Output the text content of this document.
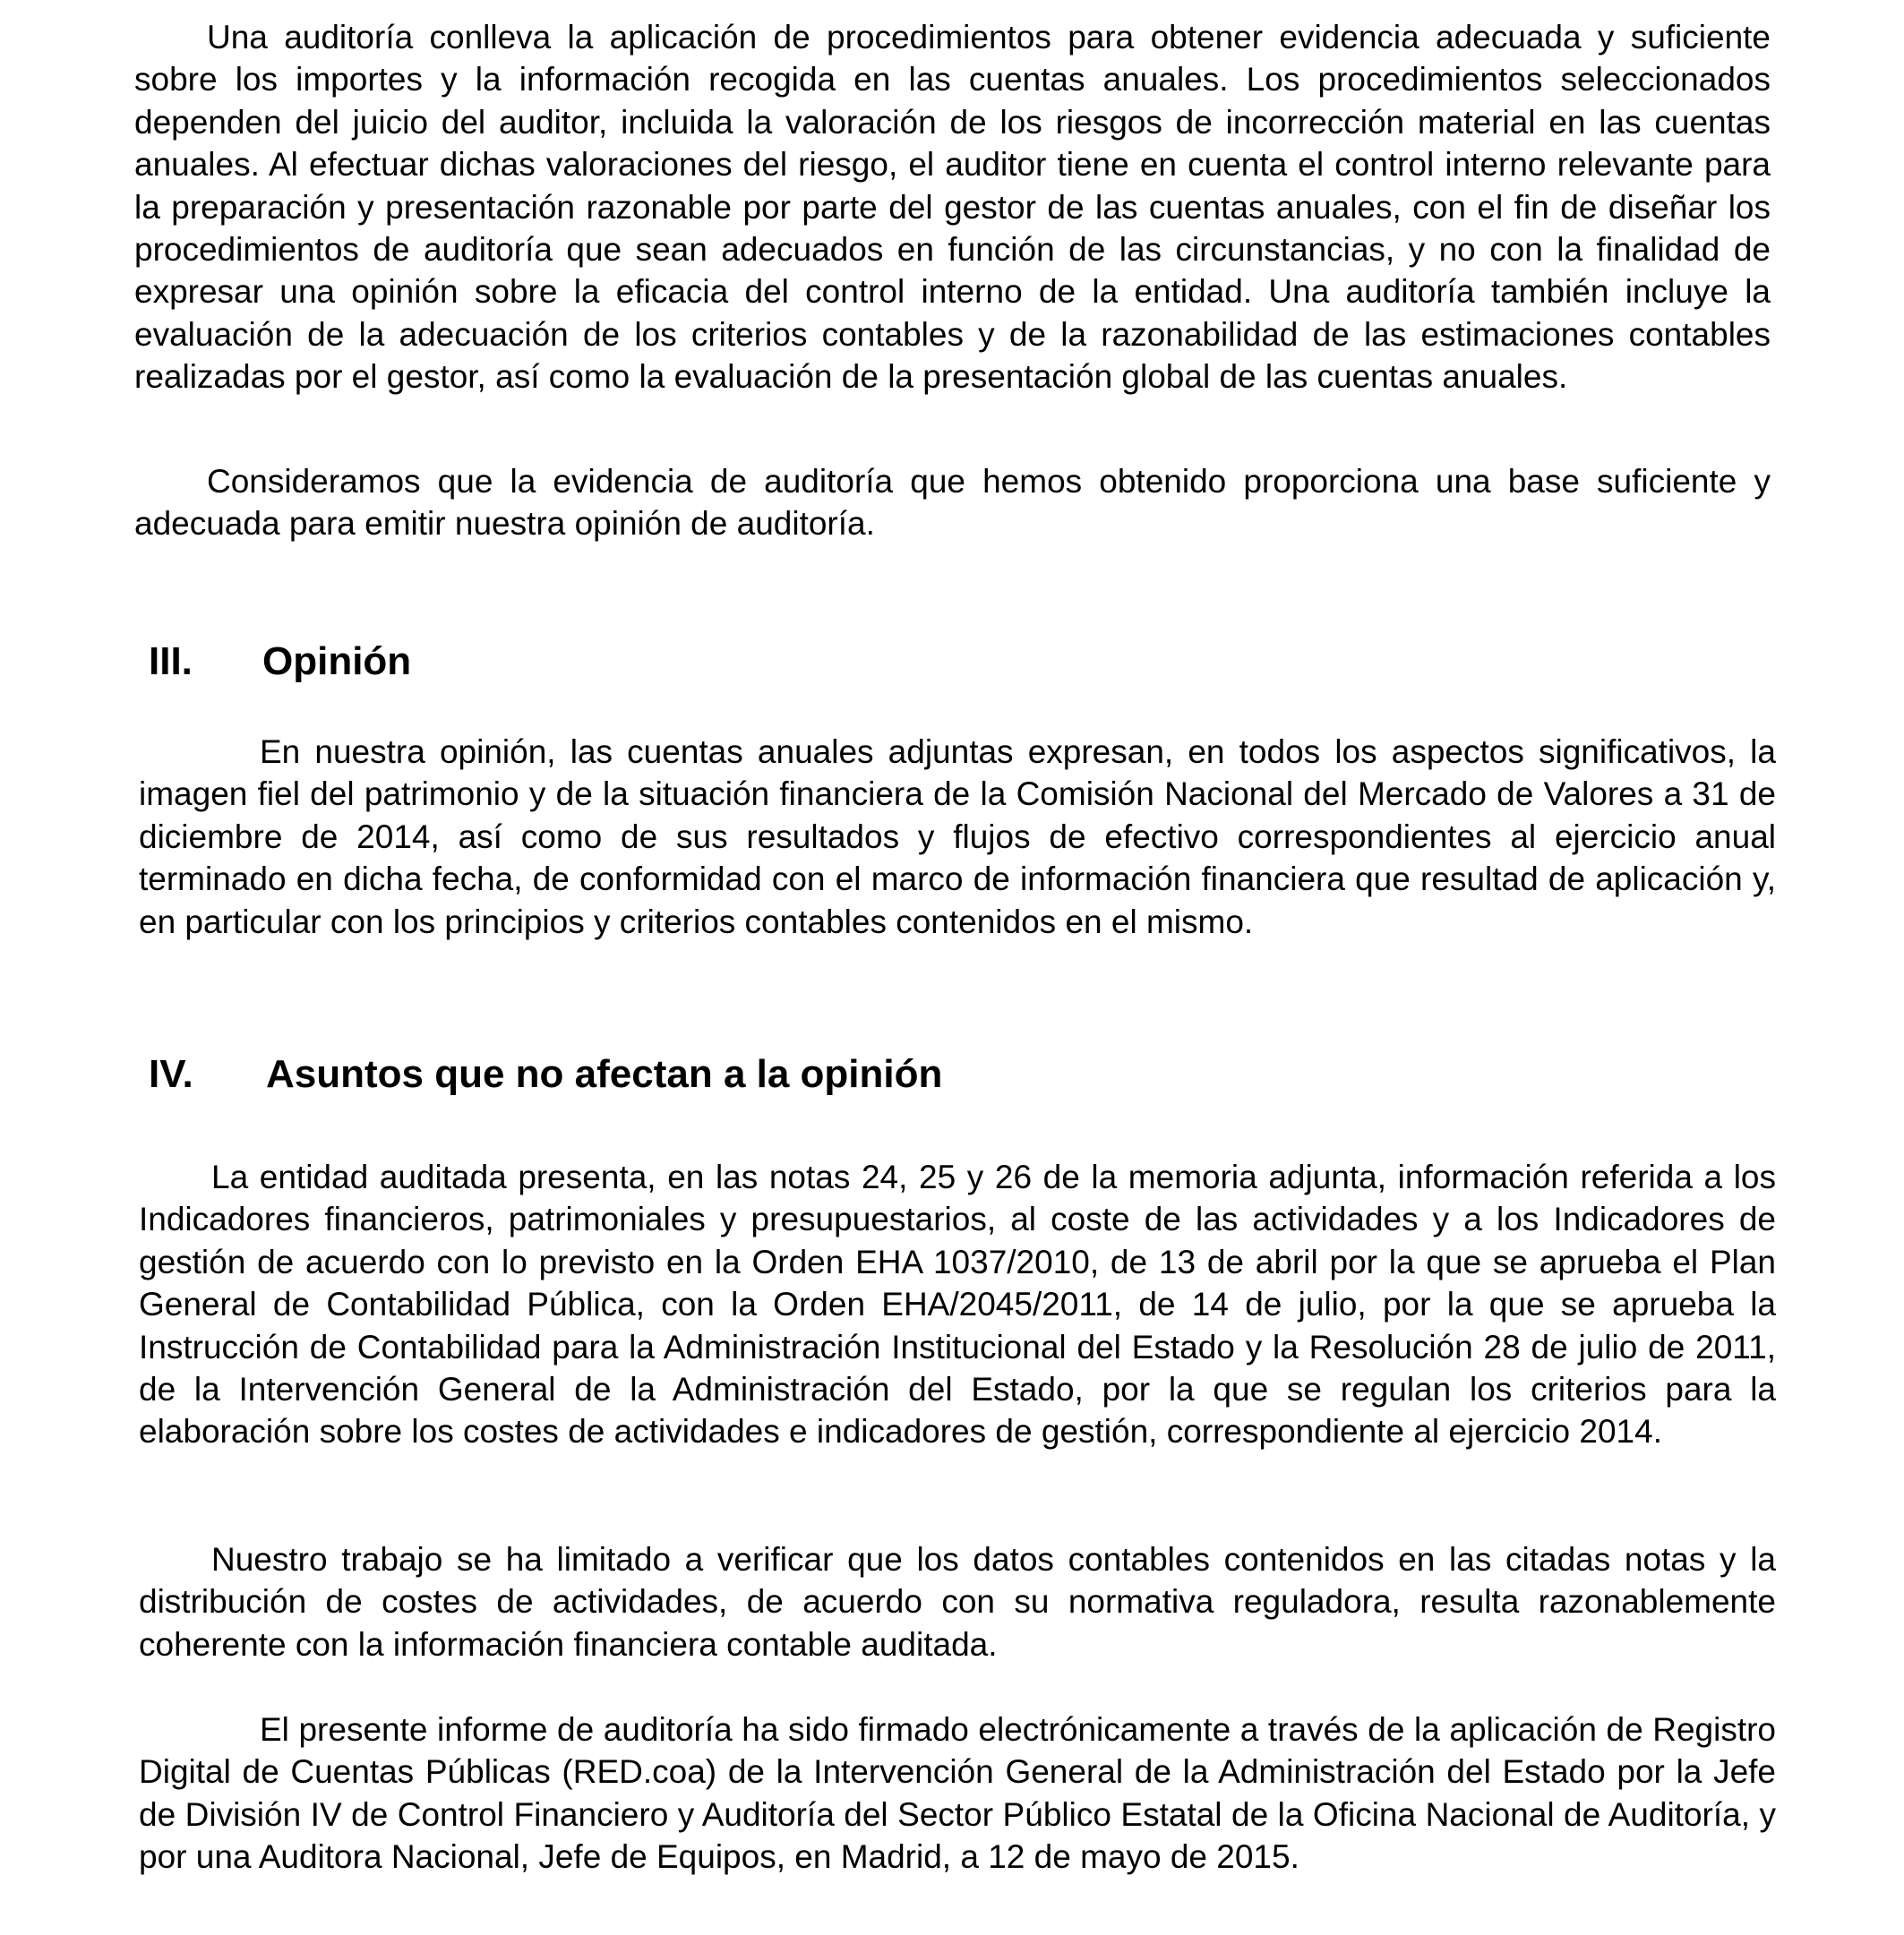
Una auditoría conlleva la aplicación de procedimientos para obtener evidencia adecuada y suficiente sobre los importes y la información recogida en las cuentas anuales. Los procedimientos seleccionados dependen del juicio del auditor, incluida la valoración de los riesgos de incorrección material en las cuentas anuales. Al efectuar dichas valoraciones del riesgo, el auditor tiene en cuenta el control interno relevante para la preparación y presentación razonable por parte del gestor de las cuentas anuales, con el fin de diseñar los procedimientos de auditoría que sean adecuados en función de las circunstancias, y no con la finalidad de expresar una opinión sobre la eficacia del control interno de la entidad. Una auditoría también incluye la evaluación de la adecuación de los criterios contables y de la razonabilidad de las estimaciones contables realizadas por el gestor, así como la evaluación de la presentación global de las cuentas anuales.

Consideramos que la evidencia de auditoría que hemos obtenido proporciona una base suficiente y adecuada para emitir nuestra opinión de auditoría.

III. Opinión

En nuestra opinión, las cuentas anuales adjuntas expresan, en todos los aspectos significativos, la imagen fiel del patrimonio y de la situación financiera de la Comisión Nacional del Mercado de Valores a 31 de diciembre de 2014, así como de sus resultados y flujos de efectivo correspondientes al ejercicio anual terminado en dicha fecha, de conformidad con el marco de información financiera que resultad de aplicación y, en particular con los principios y criterios contables contenidos en el mismo.

IV. Asuntos que no afectan a la opinión

La entidad auditada presenta, en las notas 24, 25 y 26 de la memoria adjunta, información referida a los Indicadores financieros, patrimoniales y presupuestarios, al coste de las actividades y a los Indicadores de gestión de acuerdo con lo previsto en la Orden EHA 1037/2010, de 13 de abril por la que se aprueba el Plan General de Contabilidad Pública, con la Orden EHA/2045/2011, de 14 de julio, por la que se aprueba la Instrucción de Contabilidad para la Administración Institucional del Estado y la Resolución 28 de julio de 2011, de la Intervención General de la Administración del Estado, por la que se regulan los criterios para la elaboración sobre los costes de actividades e indicadores de gestión, correspondiente al ejercicio 2014.

Nuestro trabajo se ha limitado a verificar que los datos contables contenidos en las citadas notas y la distribución de costes de actividades, de acuerdo con su normativa reguladora, resulta razonablemente coherente con la información financiera contable auditada.

El presente informe de auditoría ha sido firmado electrónicamente a través de la aplicación de Registro Digital de Cuentas Públicas (RED.coa) de la Intervención General de la Administración del Estado por la Jefe de División IV de Control Financiero y Auditoría del Sector Público Estatal de la Oficina Nacional de Auditoría, y por una Auditora Nacional, Jefe de Equipos, en Madrid, a 12 de mayo de 2015.
